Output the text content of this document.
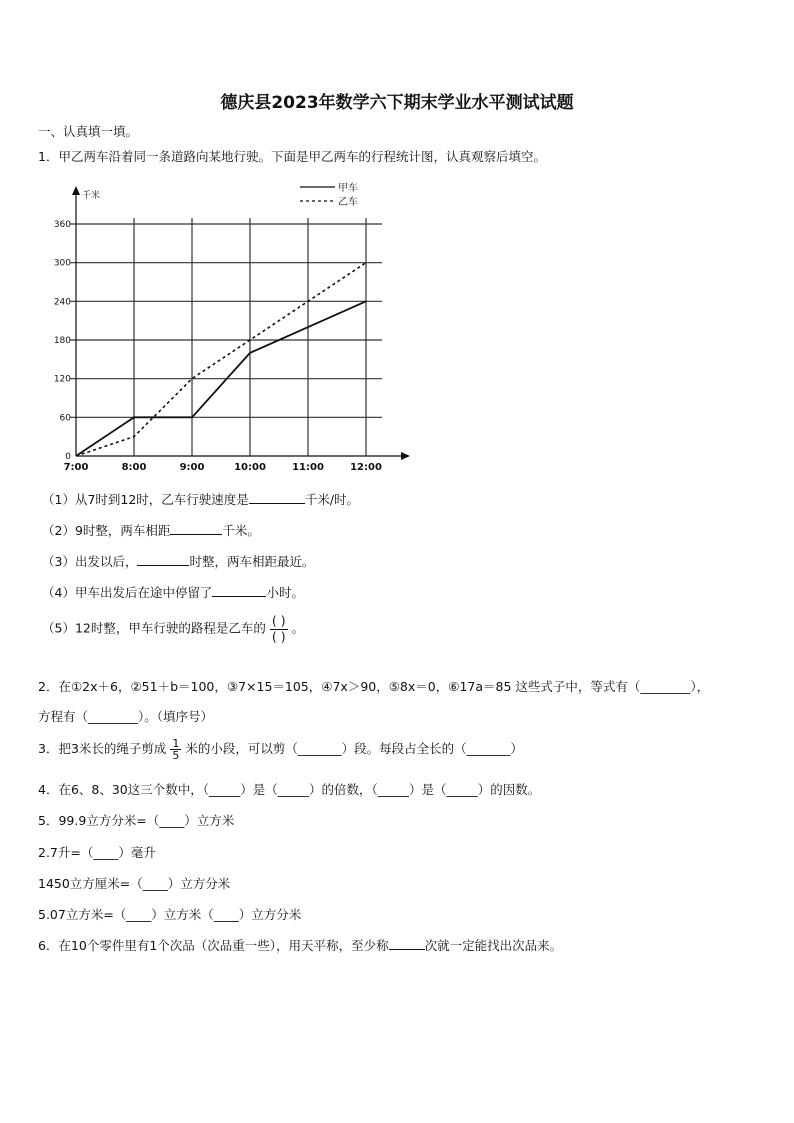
德庆县2023年数学六下期末学业水平测试试题
一、认真填一填。
1．甲乙两车沿着同一条道路向某地行驶。下面是甲乙两车的行程统计图，认真观察后填空。
千米
0
60
120
180
240
300
360
7:00	8:00	9:00	10:00	11:00	12:00
甲车
乙车
（1）从7时到12时，乙车行驶速度是	千米/时。
（2）9时整，两车相距	千米。
（3）出发以后，	时整，两车相距最近。
（4）甲车出发后在途中停留了	小时。
（5）12时整，甲车行驶的路程是乙车的 $\frac{( )}{( )}$ 。
2．在①2x＋6，②51＋b＝100，③7×15＝105，④7x＞90，⑤8x＝0，⑥17a＝85 这些式子中，等式有（________），
方程有（________）。（填序号）
3．把3米长的绳子剪成 $\frac{1}{5}$ 米的小段，可以剪（_______）段。每段占全长的（_______）
4．在6、8、30这三个数中，（_____）是（_____）的倍数，（_____）是（_____）的因数。
5．99.9立方分米=（____）立方米
2.7升=（____）毫升
1450立方厘米=（____）立方分米
5.07立方米=（____）立方米（____）立方分米
6．在10个零件里有1个次品（次品重一些），用天平称，至少称	次就一定能找出次品来。
